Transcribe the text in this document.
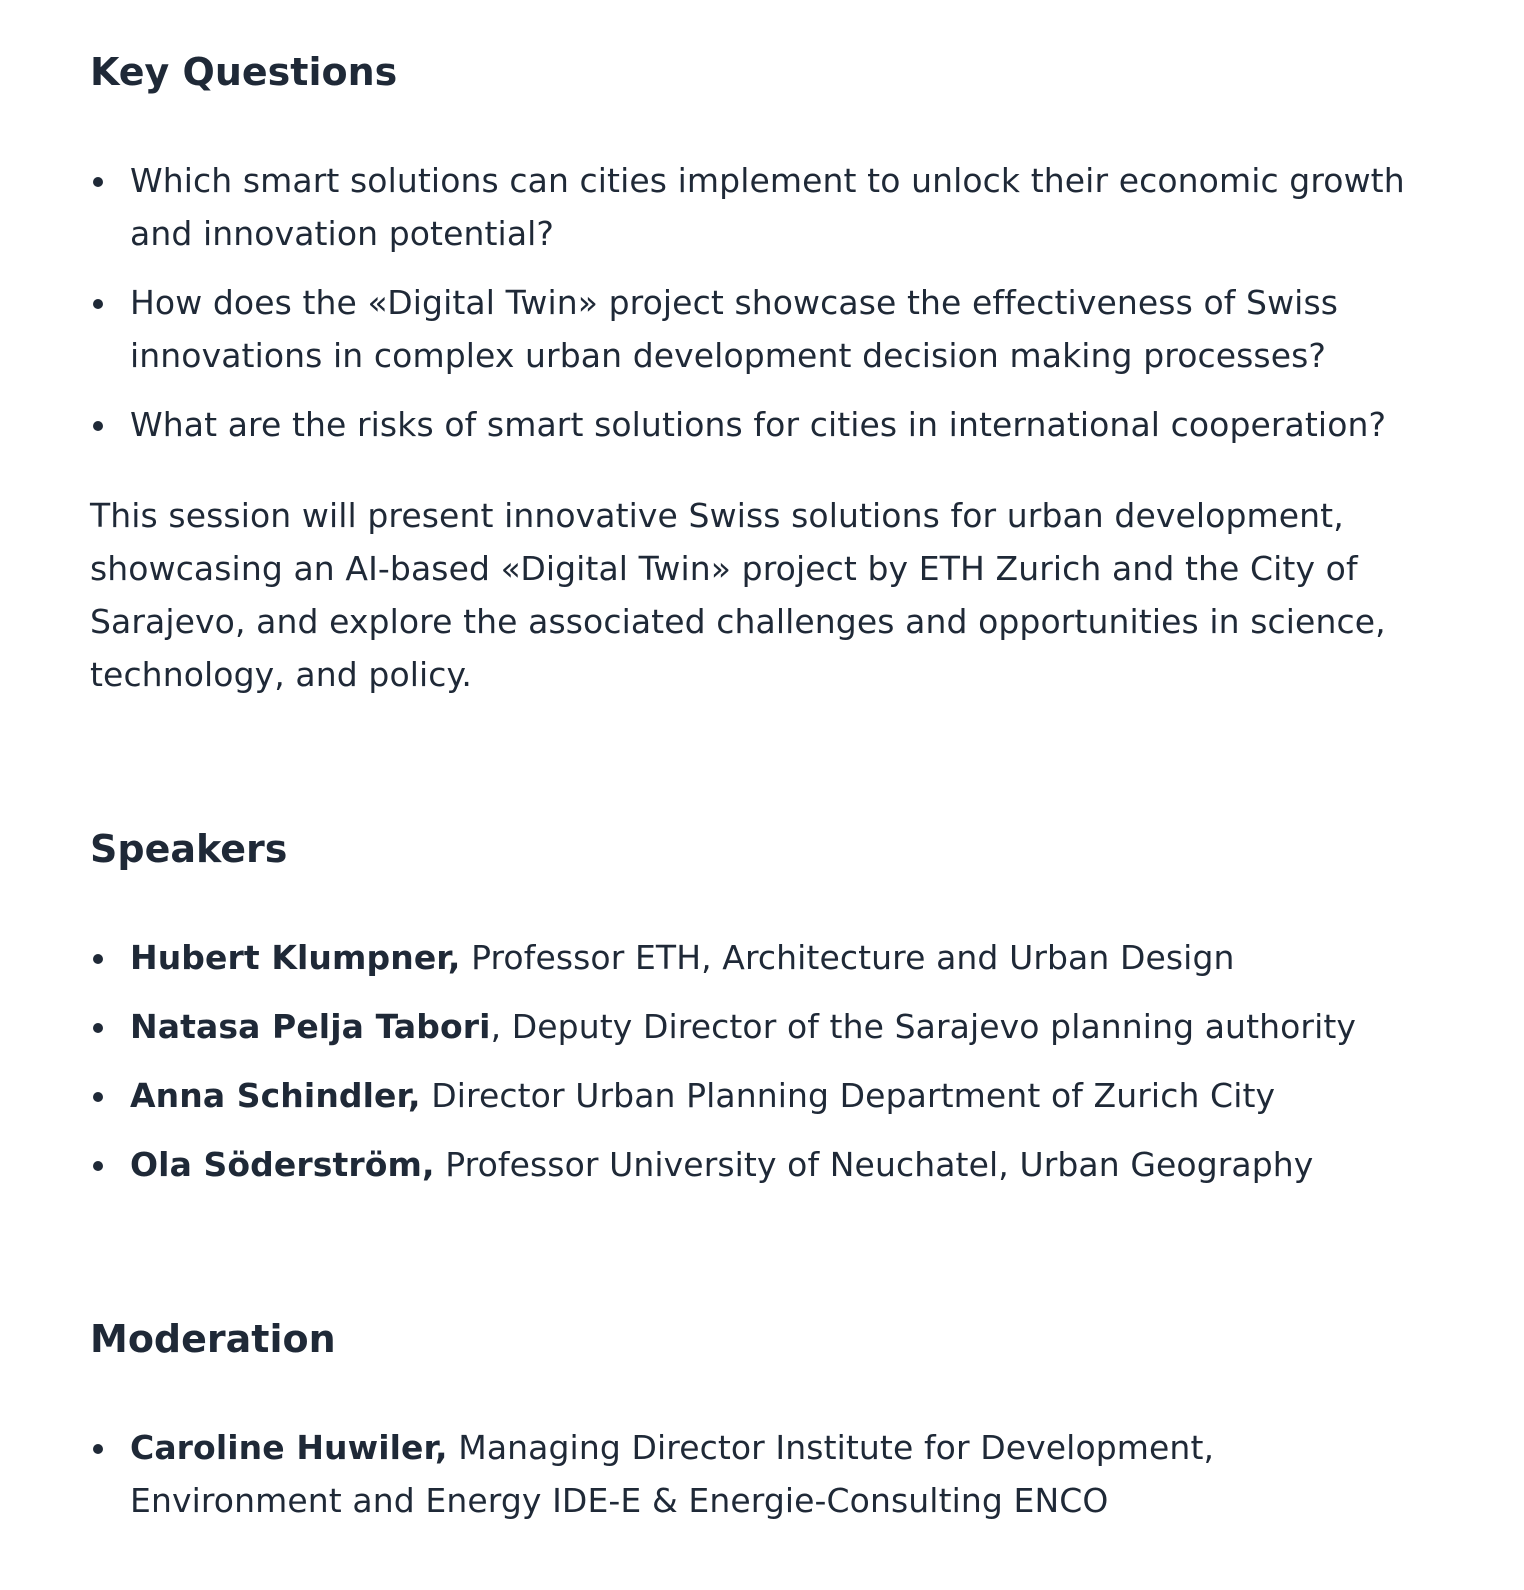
Key Questions
Which smart solutions can cities implement to unlock their economic growth and innovation potential?
How does the «Digital Twin» project showcase the effectiveness of Swiss innovations in complex urban development decision making processes?
What are the risks of smart solutions for cities in international cooperation?

This session will present innovative Swiss solutions for urban development, showcasing an AI-based «Digital Twin» project by ETH Zurich and the City of Sarajevo, and explore the associated challenges and opportunities in science, technology, and policy.

Speakers
Hubert Klumpner, Professor ETH, Architecture and Urban Design
Natasa Pelja Tabori, Deputy Director of the Sarajevo planning authority
Anna Schindler, Director Urban Planning Department of Zurich City
Ola Söderström, Professor University of Neuchatel, Urban Geography
Moderation
Caroline Huwiler, Managing Director Institute for Development, Environment and Energy IDE-E & Energie-Consulting ENCO
